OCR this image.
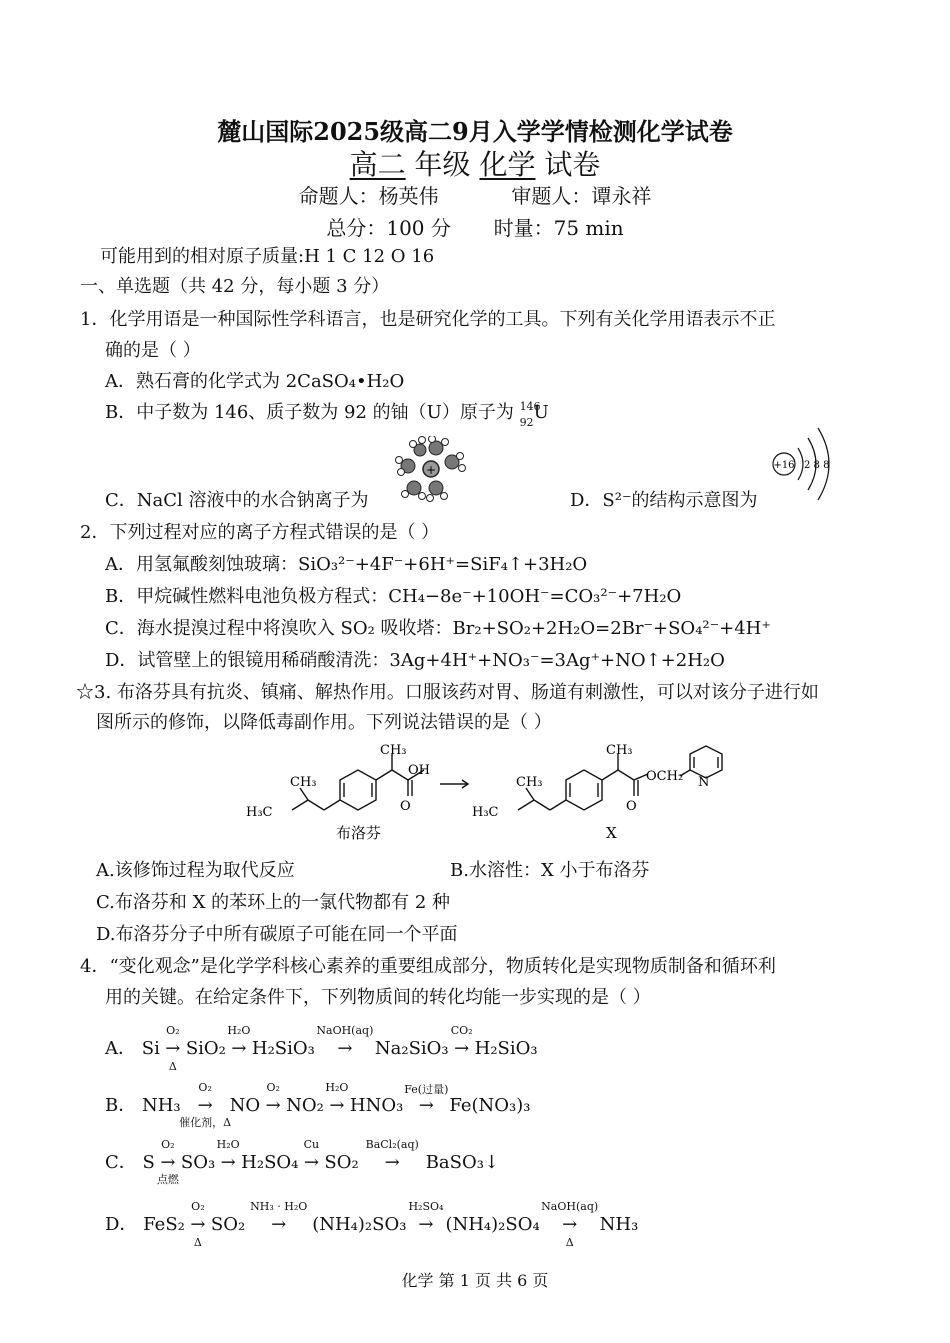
麓山国际2025级高二9月入学学情检测化学试卷
高二 年级 化学 试卷
命题人：杨英伟	审题人：谭永祥
总分：100 分 时量：75 min
可能用到的相对原子质量:H 1 C 12 O 16
一、单选题（共 42 分，每小题 3 分）
1．化学用语是一种国际性学科语言，也是研究化学的工具。下列有关化学用语表示不正
确的是（ ）
A．熟石膏的化学式为 2CaSO₄•H₂O
B．中子数为 146、质子数为 92 的铀（U）原子为 146
92 U
+
C．NaCl 溶液中的水合钠离子为	D．S²⁻的结构示意图为
+16 2 8 8
2．下列过程对应的离子方程式错误的是（ ）
A．用氢氟酸刻蚀玻璃：SiO₃²⁻+4F⁻+6H⁺=SiF₄↑+3H₂O
B．甲烷碱性燃料电池负极方程式：CH₄−8e⁻+10OH⁻=CO₃²⁻+7H₂O
C．海水提溴过程中将溴吹入 SO₂ 吸收塔：Br₂+SO₂+2H₂O=2Br⁻+SO₄²⁻+4H⁺
D．试管壁上的银镜用稀硝酸清洗：3Ag+4H⁺+NO₃⁻=3Ag⁺+NO↑+2H₂O
☆3. 布洛芬具有抗炎、镇痛、解热作用。口服该药对胃、肠道有刺激性，可以对该分子进行如
图所示的修饰，以降低毒副作用。下列说法错误的是（ ）
CH₃
CH₃
H₃C
OH
O
CH₃
CH₃
H₃C	O
OCH₂ N
布洛芬	X
A.该修饰过程为取代反应	B.水溶性：X 小于布洛芬
C.布洛芬和 X 的苯环上的一氯代物都有 2 种
D.布洛芬分子中所有碳原子可能在同一个平面
4．“变化观念”是化学学科核心素养的重要组成部分，物质转化是实现物质制备和循环利
用的关键。在给定条件下，下列物质间的转化均能一步实现的是（ ）
A． Si →
O₂
Δ
SiO₂ →
H₂O
H₂SiO₃ →
NaOH(aq)
Na₂SiO₃ →
CO₂
H₂SiO₃
B． NH₃ →
O₂
催化剂，Δ
NO →
O₂
NO₂ →
H₂O
HNO₃ →
Fe(过量)
Fe(NO₃)₃
C． S →
O₂
点燃
SO₃ →
H₂O
H₂SO₄ →
Cu
SO₂ →
BaCl₂(aq)
BaSO₃↓
D． FeS₂ →
O₂
Δ
SO₂ →
NH₃ · H₂O
(NH₄)₂SO₃ →
H₂SO₄
(NH₄)₂SO₄ →
NaOH(aq)
Δ
NH₃
化学 第 1 页 共 6 页
